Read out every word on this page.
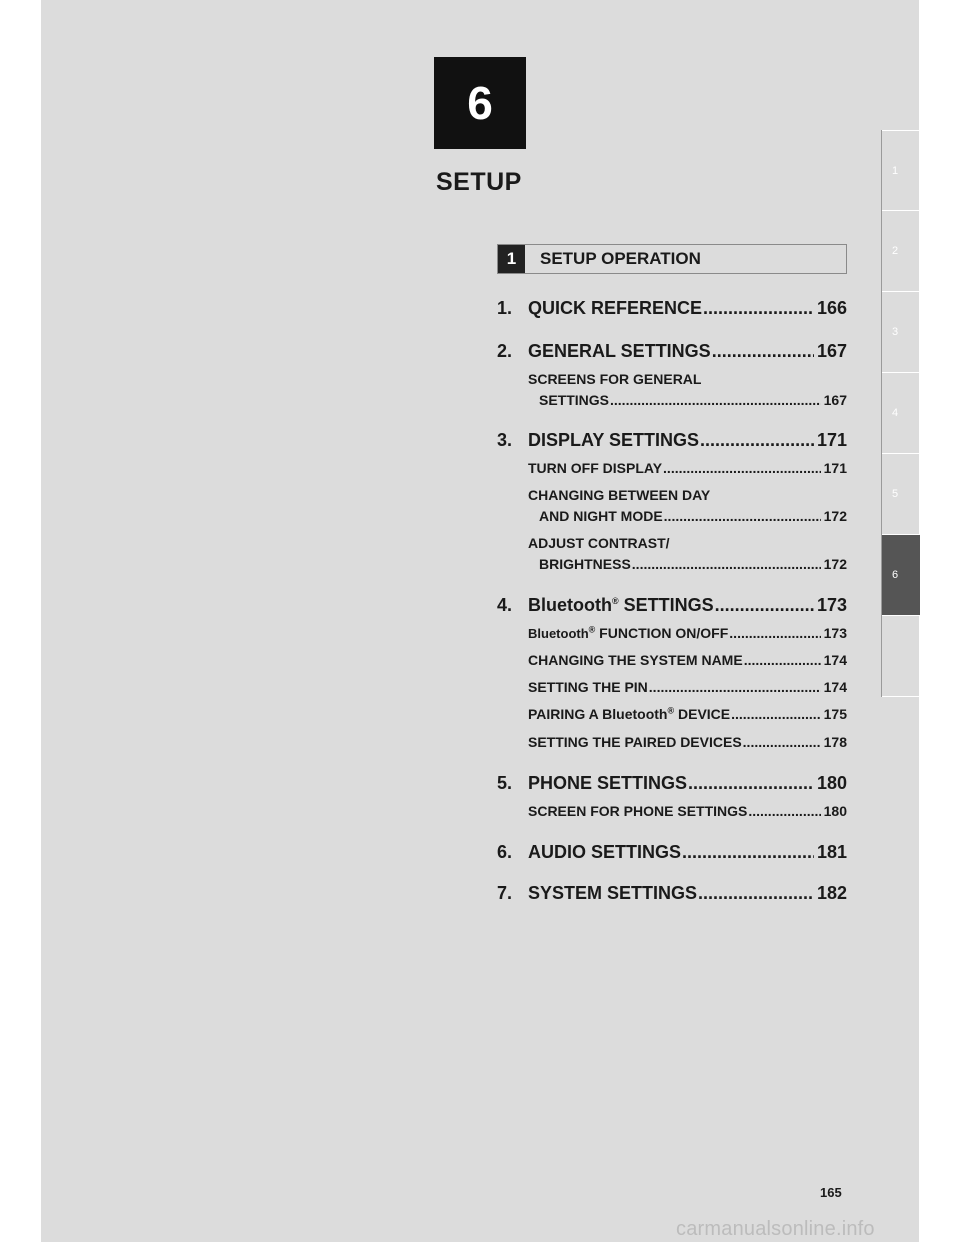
6
SETUP	1
2
3
4
5
6
1	SETUP OPERATION
1. QUICK REFERENCE .....	166
2. GENERAL SETTINGS .....	167
SCREENS FOR GENERAL
SETTINGS .....	167
3. DISPLAY SETTINGS .....	171
TURN OFF DISPLAY .....	171
CHANGING BETWEEN DAY
AND NIGHT MODE .....	172
ADJUST CONTRAST/
BRIGHTNESS .....	172
4. Bluetooth® SETTINGS .....	173
Bluetooth® FUNCTION ON/OFF .....	173
CHANGING THE SYSTEM NAME .....	174
SETTING THE PIN .....	174
PAIRING A Bluetooth® DEVICE .....	175
SETTING THE PAIRED DEVICES .....	178
5. PHONE SETTINGS .....	180
SCREEN FOR PHONE SETTINGS .....	180
6. AUDIO SETTINGS .....	181
7. SYSTEM SETTINGS .....	182
165
carmanualsonline.info
